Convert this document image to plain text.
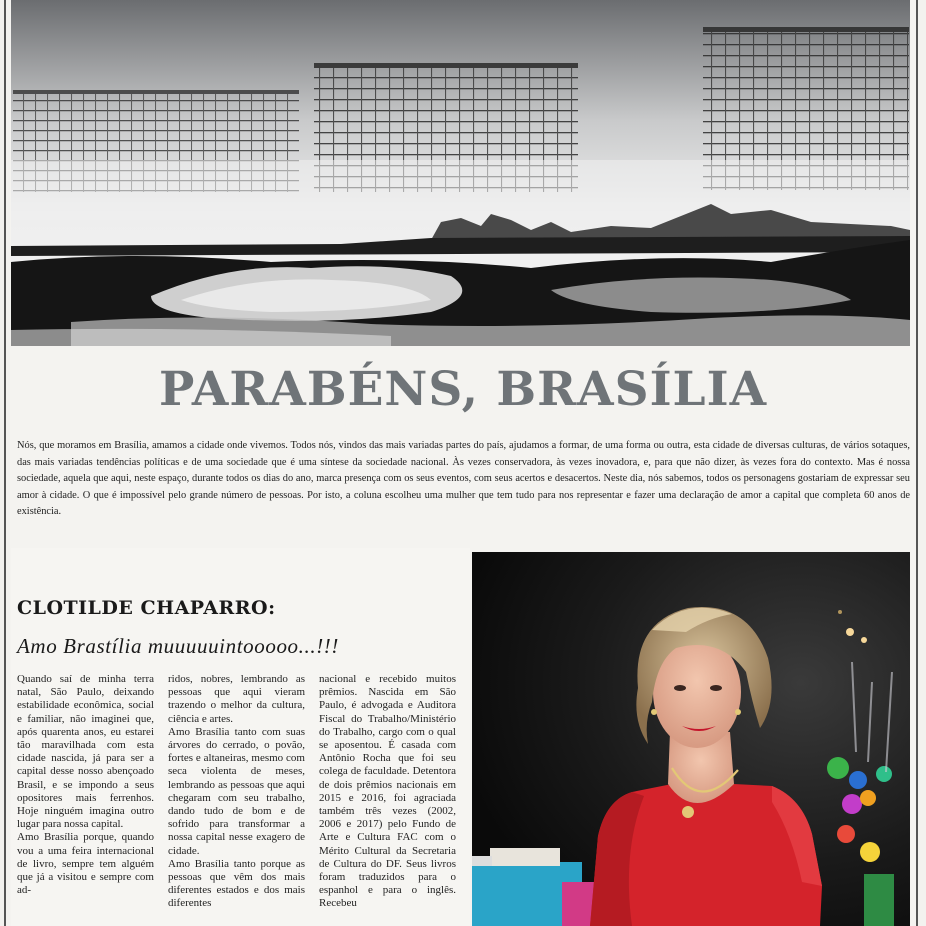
PARABÉNS, BRASÍLIA

Nós, que moramos em Brasília, amamos a cidade onde vivemos. Todos nós, vindos das mais variadas partes do país, ajudamos a formar, de uma forma ou outra, esta cidade de diversas culturas, de vários sotaques, das mais variadas tendências políticas e de uma sociedade que é uma síntese da sociedade nacional. Às vezes conservadora, às vezes inovadora, e, para que não dizer, às vezes fora do contexto. Mas é nossa sociedade, aquela que aqui, neste espaço, durante todos os dias do ano, marca presença com os seus eventos, com seus acertos e desacertos. Neste dia, nós sabemos, todos os personagens gostariam de expressar seu amor à cidade. O que é impossível pelo grande número de pessoas. Por isto, a coluna escolheu uma mulher que tem tudo para nos representar e fazer uma declaração de amor a capital que completa 60 anos de existência.

CLOTILDE CHAPARRO:

Amo Brastília muuuuuintooooo...!!!

Quando saí de minha terra natal, São Paulo, deixando estabilidade econômica, social e familiar, não imaginei que, após quarenta anos, eu estarei tão maravilhada com esta cidade nascida, já para ser a capital desse nosso abençoado Brasil, e se impondo a seus opositores mais ferrenhos. Hoje ninguém imagina outro lugar para nossa capital.

Amo Brasília porque, quando vou a uma feira internacional de livro, sempre tem alguém que já a visitou e sempre com ad-

ridos, nobres, lembrando as pessoas que aqui vieram trazendo o melhor da cultura, ciência e artes.

Amo Brasília tanto com suas árvores do cerrado, o povão, fortes e altaneiras, mesmo com seca violenta de meses, lembrando as pessoas que aqui chegaram com seu trabalho, dando tudo de bom e de sofrido para transformar a nossa capital nesse exagero de cidade.

Amo Brasília tanto porque as pessoas que vêm dos mais diferentes estados e dos mais diferentes

nacional e recebido muitos prêmios. Nascida em São Paulo, é advogada e Auditora Fiscal do Trabalho/Ministério do Trabalho, cargo com o qual se aposentou. É casada com Antônio Rocha que foi seu colega de faculdade. Detentora de dois prêmios nacionais em 2015 e 2016, foi agraciada também três vezes (2002, 2006 e 2017) pelo Fundo de Arte e Cultura FAC com o Mérito Cultural da Secretaria de Cultura do DF. Seus livros foram traduzidos para o espanhol e para o inglês. Recebeu
